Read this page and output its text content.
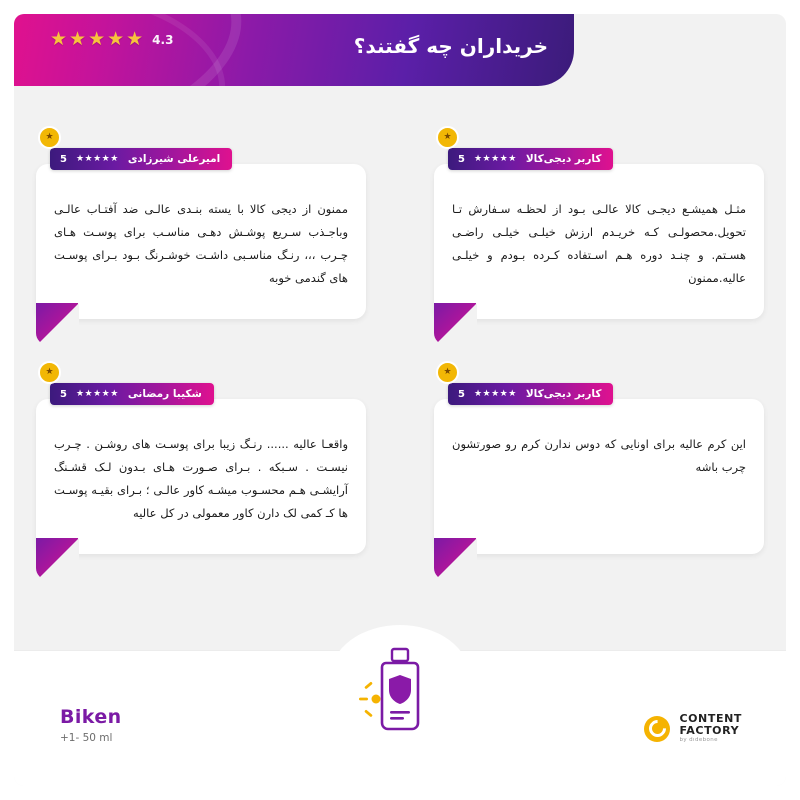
خریداران چه گفتند؟
★★★★★ 4.3
کاربر دیجی‌کالا
★★★★★
5
★
مثـل همیشـع دیجـی کالا عالـی بـود از لحظـه سـفارش تـا تحویل.محصولـی کـه خریـدم ارزش خیلـی خیلـی راضـی هسـتم. و چنـد دوره هـم اسـتفاده کـرده بـودم و خیلـی عالیه.ممنون
امیرعلی شیرزادی
★★★★★
5
★
ممنون از دیجی کالا با یسته بنـدی عالـی ضد آفتـاب عالـی وباجـذب سـریع پوشـش دهـی مناسـب برای پوسـت هـای چـرب ،،، رنـگ مناسـبی داشـت خوشـرنگ بـود بـرای پوسـت های گندمی خوبه
کاربر دیجی‌کالا
★★★★★
5
★
این کرم عالیه برای اونایی که دوس ندارن کرم رو صورتشون چرب باشه
شکیبا رمضانی
★★★★★
5
★
واقعـا عالیه ...... رنـگ زیبا برای پوسـت های روشـن . چـرب نیسـت . سـبکه . بـرای صـورت هـای بـدون لـک قشـنگ آرایشـی هـم محسـوب میشـه کاور عالـی ؛ بـرای بقیـه پوسـت ها کـ کمی لک دارن کاور معمولی در کل عالیه
Biken
+1- 50 ml
CONTENT
FACTORY
by dıdebone
